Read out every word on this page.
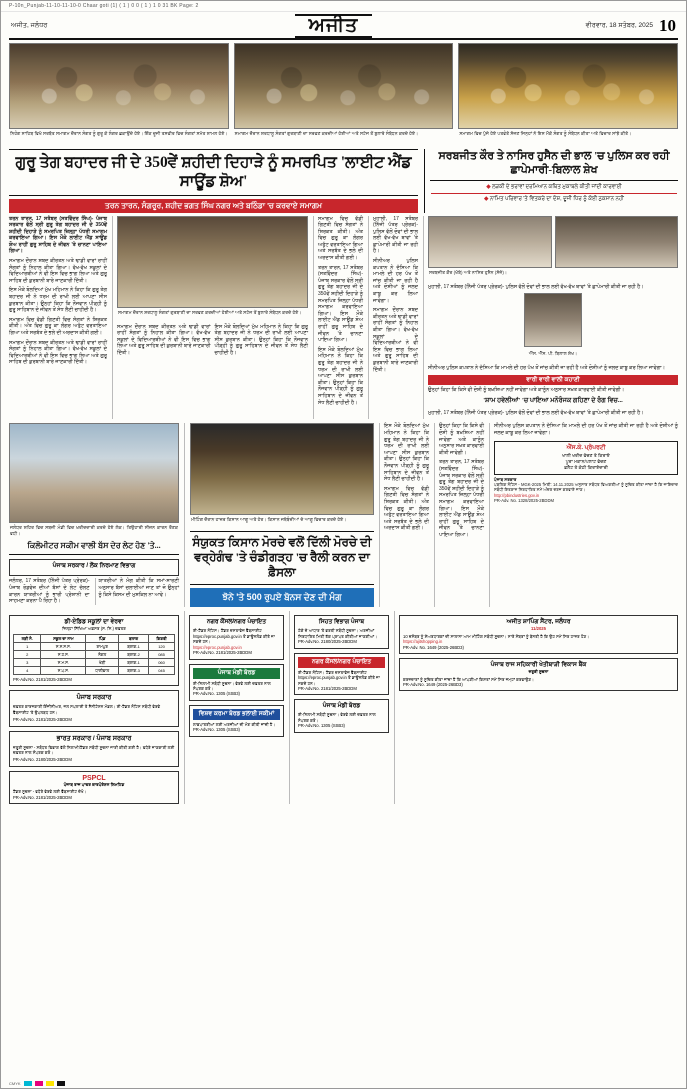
P-10n_Punjab-11-10-11-10-0 Chaar goti (1) ( 1 ) 0 0 ( 1 ) 1 0 31 BK Page: 2
ਅਜੀਤ, ਜਲੰਧਰ	ਅਜੀਤ	ਵੀਰਵਾਰ, 18 ਸਤੰਬਰ, 2025 10
ਨਿਹੰਗ ਸਾਹਿਬ ਵਿਖੇ ਸਰਬੱਤ ਸਮਾਗਮ ਦੌਰਾਨ ਸੰਗਤ ਨੂੰ ਗੁਰੂ ਕੇ ਲੰਗਰ ਛਕਾਉਂਦੇ ਹੋਏ। ਇੱਕ ਦੂਜੀ ਤਸਵੀਰ ਵਿਚ ਸੰਗਤਾਂ ਸਮੇਤ ਸ਼ਾਮਲ ਹੋਏ। ਸਮਾਗਮ ਦੌਰਾਨ ਸ਼ਰਧਾਲੂ ਸੰਗਤਾਂ ਗੁਰਬਾਣੀ ਦਾ ਸਰਵਣ ਕਰਦੀਆਂ ਹੋਈਆਂ ਅਤੇ ਸਟੇਜ ਤੋਂ ਬੁਲਾਰੇ ਸੰਬੋਧਨ ਕਰਦੇ ਹੋਏ।	ਸਮਾਗਮ ਵਿਚ ਪੁੱਜੇ ਹੋਏ ਪਤਵੰਤੇ ਸੱਜਣ ਜਿਨ੍ਹਾਂ ਨੇ ਇਸ ਮੌਕੇ ਸੰਗਤ ਨੂੰ ਸੰਬੋਧਨ ਕੀਤਾ ਅਤੇ ਵਿਚਾਰ ਸਾਂਝੇ ਕੀਤੇ।
ਗੁਰੂ ਤੇਗ ਬਹਾਦਰ ਜੀ ਦੇ 350ਵੇਂ ਸ਼ਹੀਦੀ ਦਿਹਾੜੇ ਨੂੰ ਸਮਰਪਿਤ 'ਲਾਈਟ ਐਂਡ ਸਾਊਂਡ ਸ਼ੋਅ'
ਤਰਨ ਤਾਰਨ, ਸੰਗਰੂਰ, ਸ਼ਹੀਦ ਭਗਤ ਸਿੰਘ ਨਗਰ ਅਤੇ ਬਠਿੰਡਾ 'ਚ ਕਰਵਾਏ ਸਮਾਗਮ
ਸਰਬਜੀਤ ਕੌਰ ਤੇ ਨਾਸਿਰ ਹੁਸੈਨ ਦੀ ਭਾਲ 'ਚ ਪੁਲਿਸ ਕਰ ਰਹੀ ਛਾਪੇਮਾਰੀ-ਬਿਲਾਲ ਸ਼ੇਖ
◆ ਲੜਕੀ ਦੇ ਭਰਾਵਾਂ ਦਰਮਿਆਨ ਕਥਿਤ ਮੁਕਾਬਲੇ ਕੀਤੀ ਜਾਂਦੀ ਕਾਰਵਾਈ
◆ ਨਾਮਿਤ ਪਰਿਵਾਰ 'ਤੇ ਵਿਤਕਰੇ ਦਾ ਦੋਸ਼, ਦੂਜੀ ਧਿਰ ਨੂੰ ਕੋਈ ਨੁਕਸਾਨ ਨਹੀਂ

ਤਰਨ ਤਾਰਨ, 17 ਸਤੰਬਰ (ਸਤਵਿੰਦਰ ਸਿੰਘ)- ਪੰਜਾਬ ਸਰਕਾਰ ਵੱਲੋਂ ਸ੍ਰੀ ਗੁਰੂ ਤੇਗ ਬਹਾਦਰ ਜੀ ਦੇ 350ਵੇਂ ਸ਼ਹੀਦੀ ਦਿਹਾੜੇ ਨੂੰ ਸਮਰਪਿਤ ਜ਼ਿਲ੍ਹਾ ਪੱਧਰੀ ਸਮਾਗਮ ਕਰਵਾਇਆ ਗਿਆ। ਇਸ ਮੌਕੇ ਲਾਈਟ ਐਂਡ ਸਾਊਂਡ ਸ਼ੋਅ ਰਾਹੀਂ ਗੁਰੂ ਸਾਹਿਬ ਦੇ ਜੀਵਨ 'ਤੇ ਚਾਨਣਾ ਪਾਇਆ ਗਿਆ।

ਸਮਾਗਮ ਦੌਰਾਨ ਸ਼ਬਦ ਕੀਰਤਨ ਅਤੇ ਢਾਡੀ ਵਾਰਾਂ ਰਾਹੀਂ ਸੰਗਤਾਂ ਨੂੰ ਨਿਹਾਲ ਕੀਤਾ ਗਿਆ। ਵੱਖ-ਵੱਖ ਸਕੂਲਾਂ ਦੇ ਵਿਦਿਆਰਥੀਆਂ ਨੇ ਵੀ ਇਸ ਵਿਚ ਭਾਗ ਲਿਆ ਅਤੇ ਗੁਰੂ ਸਾਹਿਬ ਦੀ ਕੁਰਬਾਨੀ ਬਾਰੇ ਜਾਣਕਾਰੀ ਦਿੱਤੀ।

ਇਸ ਮੌਕੇ ਬੋਲਦਿਆਂ ਮੁੱਖ ਮਹਿਮਾਨ ਨੇ ਕਿਹਾ ਕਿ ਗੁਰੂ ਤੇਗ ਬਹਾਦਰ ਜੀ ਨੇ ਧਰਮ ਦੀ ਰਾਖੀ ਲਈ ਆਪਣਾ ਸੀਸ ਕੁਰਬਾਨ ਕੀਤਾ। ਉਨ੍ਹਾਂ ਕਿਹਾ ਕਿ ਨੌਜਵਾਨ ਪੀੜ੍ਹੀ ਨੂੰ ਗੁਰੂ ਸਾਹਿਬਾਨ ਦੇ ਜੀਵਨ ਤੋਂ ਸੇਧ ਲੈਣੀ ਚਾਹੀਦੀ ਹੈ।

ਸਮਾਗਮ ਵਿਚ ਵੱਡੀ ਗਿਣਤੀ ਵਿਚ ਸੰਗਤਾਂ ਨੇ ਸ਼ਿਰਕਤ ਕੀਤੀ। ਅੰਤ ਵਿਚ ਗੁਰੂ ਕਾ ਲੰਗਰ ਅਤੁੱਟ ਵਰਤਾਇਆ ਗਿਆ ਅਤੇ ਸਰਬੱਤ ਦੇ ਭਲੇ ਦੀ ਅਰਦਾਸ ਕੀਤੀ ਗਈ।

ਸਮਾਗਮ ਦੌਰਾਨ ਸ਼ਬਦ ਕੀਰਤਨ ਅਤੇ ਢਾਡੀ ਵਾਰਾਂ ਰਾਹੀਂ ਸੰਗਤਾਂ ਨੂੰ ਨਿਹਾਲ ਕੀਤਾ ਗਿਆ। ਵੱਖ-ਵੱਖ ਸਕੂਲਾਂ ਦੇ ਵਿਦਿਆਰਥੀਆਂ ਨੇ ਵੀ ਇਸ ਵਿਚ ਭਾਗ ਲਿਆ ਅਤੇ ਗੁਰੂ ਸਾਹਿਬ ਦੀ ਕੁਰਬਾਨੀ ਬਾਰੇ ਜਾਣਕਾਰੀ ਦਿੱਤੀ।

ਸਮਾਗਮ ਦੌਰਾਨ ਸ਼ਰਧਾਲੂ ਸੰਗਤਾਂ ਗੁਰਬਾਣੀ ਦਾ ਸਰਵਣ ਕਰਦੀਆਂ ਹੋਈਆਂ ਅਤੇ ਸਟੇਜ ਤੋਂ ਬੁਲਾਰੇ ਸੰਬੋਧਨ ਕਰਦੇ ਹੋਏ।

ਸਮਾਗਮ ਦੌਰਾਨ ਸ਼ਬਦ ਕੀਰਤਨ ਅਤੇ ਢਾਡੀ ਵਾਰਾਂ ਰਾਹੀਂ ਸੰਗਤਾਂ ਨੂੰ ਨਿਹਾਲ ਕੀਤਾ ਗਿਆ। ਵੱਖ-ਵੱਖ ਸਕੂਲਾਂ ਦੇ ਵਿਦਿਆਰਥੀਆਂ ਨੇ ਵੀ ਇਸ ਵਿਚ ਭਾਗ ਲਿਆ ਅਤੇ ਗੁਰੂ ਸਾਹਿਬ ਦੀ ਕੁਰਬਾਨੀ ਬਾਰੇ ਜਾਣਕਾਰੀ ਦਿੱਤੀ।

ਇਸ ਮੌਕੇ ਬੋਲਦਿਆਂ ਮੁੱਖ ਮਹਿਮਾਨ ਨੇ ਕਿਹਾ ਕਿ ਗੁਰੂ ਤੇਗ ਬਹਾਦਰ ਜੀ ਨੇ ਧਰਮ ਦੀ ਰਾਖੀ ਲਈ ਆਪਣਾ ਸੀਸ ਕੁਰਬਾਨ ਕੀਤਾ। ਉਨ੍ਹਾਂ ਕਿਹਾ ਕਿ ਨੌਜਵਾਨ ਪੀੜ੍ਹੀ ਨੂੰ ਗੁਰੂ ਸਾਹਿਬਾਨ ਦੇ ਜੀਵਨ ਤੋਂ ਸੇਧ ਲੈਣੀ ਚਾਹੀਦੀ ਹੈ।

ਸਮਾਗਮ ਵਿਚ ਵੱਡੀ ਗਿਣਤੀ ਵਿਚ ਸੰਗਤਾਂ ਨੇ ਸ਼ਿਰਕਤ ਕੀਤੀ। ਅੰਤ ਵਿਚ ਗੁਰੂ ਕਾ ਲੰਗਰ ਅਤੁੱਟ ਵਰਤਾਇਆ ਗਿਆ ਅਤੇ ਸਰਬੱਤ ਦੇ ਭਲੇ ਦੀ ਅਰਦਾਸ ਕੀਤੀ ਗਈ।

ਤਰਨ ਤਾਰਨ, 17 ਸਤੰਬਰ (ਸਤਵਿੰਦਰ ਸਿੰਘ)- ਪੰਜਾਬ ਸਰਕਾਰ ਵੱਲੋਂ ਸ੍ਰੀ ਗੁਰੂ ਤੇਗ ਬਹਾਦਰ ਜੀ ਦੇ 350ਵੇਂ ਸ਼ਹੀਦੀ ਦਿਹਾੜੇ ਨੂੰ ਸਮਰਪਿਤ ਜ਼ਿਲ੍ਹਾ ਪੱਧਰੀ ਸਮਾਗਮ ਕਰਵਾਇਆ ਗਿਆ। ਇਸ ਮੌਕੇ ਲਾਈਟ ਐਂਡ ਸਾਊਂਡ ਸ਼ੋਅ ਰਾਹੀਂ ਗੁਰੂ ਸਾਹਿਬ ਦੇ ਜੀਵਨ 'ਤੇ ਚਾਨਣਾ ਪਾਇਆ ਗਿਆ।

ਇਸ ਮੌਕੇ ਬੋਲਦਿਆਂ ਮੁੱਖ ਮਹਿਮਾਨ ਨੇ ਕਿਹਾ ਕਿ ਗੁਰੂ ਤੇਗ ਬਹਾਦਰ ਜੀ ਨੇ ਧਰਮ ਦੀ ਰਾਖੀ ਲਈ ਆਪਣਾ ਸੀਸ ਕੁਰਬਾਨ ਕੀਤਾ। ਉਨ੍ਹਾਂ ਕਿਹਾ ਕਿ ਨੌਜਵਾਨ ਪੀੜ੍ਹੀ ਨੂੰ ਗੁਰੂ ਸਾਹਿਬਾਨ ਦੇ ਜੀਵਨ ਤੋਂ ਸੇਧ ਲੈਣੀ ਚਾਹੀਦੀ ਹੈ।

ਮੁਹਾਲੀ, 17 ਸਤੰਬਰ (ਨਿੱਜੀ ਪੱਤਰ ਪ੍ਰੇਰਕ)- ਪੁਲਿਸ ਵੱਲੋਂ ਦੋਵਾਂ ਦੀ ਭਾਲ ਲਈ ਵੱਖ-ਵੱਖ ਥਾਵਾਂ 'ਤੇ ਛਾਪੇਮਾਰੀ ਕੀਤੀ ਜਾ ਰਹੀ ਹੈ।

ਸੀਨੀਅਰ ਪੁਲਿਸ ਕਪਤਾਨ ਨੇ ਦੱਸਿਆ ਕਿ ਮਾਮਲੇ ਦੀ ਹਰ ਪੱਖ ਤੋਂ ਜਾਂਚ ਕੀਤੀ ਜਾ ਰਹੀ ਹੈ ਅਤੇ ਦੋਸ਼ੀਆਂ ਨੂੰ ਜਲਦ ਕਾਬੂ ਕਰ ਲਿਆ ਜਾਵੇਗਾ।

ਸਮਾਗਮ ਦੌਰਾਨ ਸ਼ਬਦ ਕੀਰਤਨ ਅਤੇ ਢਾਡੀ ਵਾਰਾਂ ਰਾਹੀਂ ਸੰਗਤਾਂ ਨੂੰ ਨਿਹਾਲ ਕੀਤਾ ਗਿਆ। ਵੱਖ-ਵੱਖ ਸਕੂਲਾਂ ਦੇ ਵਿਦਿਆਰਥੀਆਂ ਨੇ ਵੀ ਇਸ ਵਿਚ ਭਾਗ ਲਿਆ ਅਤੇ ਗੁਰੂ ਸਾਹਿਬ ਦੀ ਕੁਰਬਾਨੀ ਬਾਰੇ ਜਾਣਕਾਰੀ ਦਿੱਤੀ।

ਸਰਬਜੀਤ ਕੌਰ (ਖੱਬੇ) ਅਤੇ ਨਾਸਿਰ ਹੁਸੈਨ (ਸੱਜੇ)।

ਮੁਹਾਲੀ, 17 ਸਤੰਬਰ (ਨਿੱਜੀ ਪੱਤਰ ਪ੍ਰੇਰਕ)- ਪੁਲਿਸ ਵੱਲੋਂ ਦੋਵਾਂ ਦੀ ਭਾਲ ਲਈ ਵੱਖ-ਵੱਖ ਥਾਵਾਂ 'ਤੇ ਛਾਪੇਮਾਰੀ ਕੀਤੀ ਜਾ ਰਹੀ ਹੈ।

ਐੱਸ. ਐੱਸ. ਪੀ. ਬਿਲਾਲ ਸ਼ੇਖ।

ਸੀਨੀਅਰ ਪੁਲਿਸ ਕਪਤਾਨ ਨੇ ਦੱਸਿਆ ਕਿ ਮਾਮਲੇ ਦੀ ਹਰ ਪੱਖ ਤੋਂ ਜਾਂਚ ਕੀਤੀ ਜਾ ਰਹੀ ਹੈ ਅਤੇ ਦੋਸ਼ੀਆਂ ਨੂੰ ਜਲਦ ਕਾਬੂ ਕਰ ਲਿਆ ਜਾਵੇਗਾ।

ਵਾਰੀ ਵਾਰੀ ਵਾਲੀ ਕਹਾਣੀ

ਉਨ੍ਹਾਂ ਕਿਹਾ ਕਿ ਕਿਸੇ ਵੀ ਦੋਸ਼ੀ ਨੂੰ ਬਖ਼ਸ਼ਿਆ ਨਹੀਂ ਜਾਵੇਗਾ ਅਤੇ ਕਾਨੂੰਨ ਅਨੁਸਾਰ ਸਖ਼ਤ ਕਾਰਵਾਈ ਕੀਤੀ ਜਾਵੇਗੀ।

'ਸ਼ਾਮ ਹਵੇਲੀਆਂ' 'ਚ ਪਾਇਆ ਮਨੋਰੰਜਕ ਗਹਿਣਾ ਦੇ ਰੰਗ ਵਿਚ...

ਮੁਹਾਲੀ, 17 ਸਤੰਬਰ (ਨਿੱਜੀ ਪੱਤਰ ਪ੍ਰੇਰਕ)- ਪੁਲਿਸ ਵੱਲੋਂ ਦੋਵਾਂ ਦੀ ਭਾਲ ਲਈ ਵੱਖ-ਵੱਖ ਥਾਵਾਂ 'ਤੇ ਛਾਪੇਮਾਰੀ ਕੀਤੀ ਜਾ ਰਹੀ ਹੈ।

ਜਲੰਧਰ ਸ਼ਹਿਰ ਵਿਚ ਸਬਜ਼ੀ ਮੰਡੀ ਵਿਚ ਖ਼ਰੀਦਦਾਰੀ ਕਰਦੇ ਹੋਏ ਲੋਕ। ਤਿਉਹਾਰੀ ਸੀਜ਼ਨ ਕਾਰਨ ਰੌਣਕ ਵਧੀ।
ਕਿਲੋਮੀਟਰ ਸਕੀਮ ਵਾਲੀ ਬੱਸ ਦੇਰ ਲੇਟ ਹੋਣ 'ਤੇ...
ਪੰਜਾਬ ਸਰਕਾਰ / ਲੋਕ ਨਿਰਮਾਣ ਵਿਭਾਗ

ਜਲੰਧਰ, 17 ਸਤੰਬਰ (ਨਿੱਜੀ ਪੱਤਰ ਪ੍ਰੇਰਕ)- ਪੰਜਾਬ ਰੋਡਵੇਜ਼ ਦੀਆਂ ਬੱਸਾਂ ਦੇ ਲੇਟ ਚੱਲਣ ਕਾਰਨ ਯਾਤਰੀਆਂ ਨੂੰ ਭਾਰੀ ਪ੍ਰੇਸ਼ਾਨੀ ਦਾ ਸਾਹਮਣਾ ਕਰਨਾ ਪੈ ਰਿਹਾ ਹੈ।

ਯਾਤਰੀਆਂ ਨੇ ਮੰਗ ਕੀਤੀ ਕਿ ਸਮਾਂ-ਸਾਰਣੀ ਅਨੁਸਾਰ ਬੱਸਾਂ ਚਲਾਈਆਂ ਜਾਣ ਤਾਂ ਜੋ ਉਨ੍ਹਾਂ ਨੂੰ ਕਿਸੇ ਕਿਸਮ ਦੀ ਮੁਸ਼ਕਿਲ ਨਾ ਆਵੇ।

ਮੀਟਿੰਗ ਦੌਰਾਨ ਹਾਜ਼ਰ ਕਿਸਾਨ ਆਗੂ ਅਤੇ ਹੋਰ। ਕਿਸਾਨ ਜਥੇਬੰਦੀਆਂ ਦੇ ਆਗੂ ਵਿਚਾਰ ਕਰਦੇ ਹੋਏ।
ਸੰਯੁਕਤ ਕਿਸਾਨ ਮੋਰਚੇ ਵਲੋਂ ਦਿੱਲੀ ਮੋਰਚੇ ਦੀ ਵਰ੍ਹੇਗੰਢ 'ਤੇ ਚੰਡੀਗੜ੍ਹ 'ਚ ਰੈਲੀ ਕਰਨ ਦਾ ਫ਼ੈਸਲਾ
ਝੋਨੇ 'ਤੇ 500 ਰੁਪਏ ਬੋਨਸ ਦੇਣ ਦੀ ਮੰਗ

ਇਸ ਮੌਕੇ ਬੋਲਦਿਆਂ ਮੁੱਖ ਮਹਿਮਾਨ ਨੇ ਕਿਹਾ ਕਿ ਗੁਰੂ ਤੇਗ ਬਹਾਦਰ ਜੀ ਨੇ ਧਰਮ ਦੀ ਰਾਖੀ ਲਈ ਆਪਣਾ ਸੀਸ ਕੁਰਬਾਨ ਕੀਤਾ। ਉਨ੍ਹਾਂ ਕਿਹਾ ਕਿ ਨੌਜਵਾਨ ਪੀੜ੍ਹੀ ਨੂੰ ਗੁਰੂ ਸਾਹਿਬਾਨ ਦੇ ਜੀਵਨ ਤੋਂ ਸੇਧ ਲੈਣੀ ਚਾਹੀਦੀ ਹੈ।

ਸਮਾਗਮ ਵਿਚ ਵੱਡੀ ਗਿਣਤੀ ਵਿਚ ਸੰਗਤਾਂ ਨੇ ਸ਼ਿਰਕਤ ਕੀਤੀ। ਅੰਤ ਵਿਚ ਗੁਰੂ ਕਾ ਲੰਗਰ ਅਤੁੱਟ ਵਰਤਾਇਆ ਗਿਆ ਅਤੇ ਸਰਬੱਤ ਦੇ ਭਲੇ ਦੀ ਅਰਦਾਸ ਕੀਤੀ ਗਈ।

ਉਨ੍ਹਾਂ ਕਿਹਾ ਕਿ ਕਿਸੇ ਵੀ ਦੋਸ਼ੀ ਨੂੰ ਬਖ਼ਸ਼ਿਆ ਨਹੀਂ ਜਾਵੇਗਾ ਅਤੇ ਕਾਨੂੰਨ ਅਨੁਸਾਰ ਸਖ਼ਤ ਕਾਰਵਾਈ ਕੀਤੀ ਜਾਵੇਗੀ।

ਤਰਨ ਤਾਰਨ, 17 ਸਤੰਬਰ (ਸਤਵਿੰਦਰ ਸਿੰਘ)- ਪੰਜਾਬ ਸਰਕਾਰ ਵੱਲੋਂ ਸ੍ਰੀ ਗੁਰੂ ਤੇਗ ਬਹਾਦਰ ਜੀ ਦੇ 350ਵੇਂ ਸ਼ਹੀਦੀ ਦਿਹਾੜੇ ਨੂੰ ਸਮਰਪਿਤ ਜ਼ਿਲ੍ਹਾ ਪੱਧਰੀ ਸਮਾਗਮ ਕਰਵਾਇਆ ਗਿਆ। ਇਸ ਮੌਕੇ ਲਾਈਟ ਐਂਡ ਸਾਊਂਡ ਸ਼ੋਅ ਰਾਹੀਂ ਗੁਰੂ ਸਾਹਿਬ ਦੇ ਜੀਵਨ 'ਤੇ ਚਾਨਣਾ ਪਾਇਆ ਗਿਆ।

ਸੀਨੀਅਰ ਪੁਲਿਸ ਕਪਤਾਨ ਨੇ ਦੱਸਿਆ ਕਿ ਮਾਮਲੇ ਦੀ ਹਰ ਪੱਖ ਤੋਂ ਜਾਂਚ ਕੀਤੀ ਜਾ ਰਹੀ ਹੈ ਅਤੇ ਦੋਸ਼ੀਆਂ ਨੂੰ ਜਲਦ ਕਾਬੂ ਕਰ ਲਿਆ ਜਾਵੇਗਾ।

ਐੱਸ.ਕੇ. ਪ੍ਰੋਪਰਟੀ
ਖਾਲੀ ਖਰੀਦ ਵੇਚਣ ਤੇ ਕਿਰਾਏ
ਪੂਰਾ ਮਕਾਨ/ਪਲਾਟ ਵੇਚਣ
ਫ਼ਲੈਟ ਤੇ ਕੋਠੀ ਕਿਰਾਏਦਾਰੀ
ਪੰਜਾਬ ਸਰਕਾਰ
ਪਬਲਿਕ ਨੋਟਿਸ - MGK-2025 ਮਿਤੀ: 14.11.2025 ਅਨੁਸਾਰ ਸਬੰਧਤ ਵਿਅਕਤੀਆਂ ਨੂੰ ਸੂਚਿਤ ਕੀਤਾ ਜਾਂਦਾ ਹੈ ਕਿ ਜਾਇਦਾਦ ਸਬੰਧੀ ਇਤਰਾਜ਼ ਨਿਰਧਾਰਿਤ ਸਮੇਂ ਅੰਦਰ ਦਰਜ ਕਰਵਾਏ ਜਾਣ।
http://pbindustries.gov.in
PR-Adv. No. 1328/2025-2BDDM
ਡੀ-ਏਡਿਡ ਸਕੂਲਾਂ ਦਾ ਵੇਰਵਾ
ਜ਼ਿਲ੍ਹਾ ਸਿੱਖਿਆ ਅਫ਼ਸਰ (ਸ. ਸਿ.) ਦਫ਼ਤਰ
ਲੜੀ ਨੰ.	ਸਕੂਲ ਦਾ ਨਾਮ	ਪਿੰਡ	ਬਲਾਕ	ਗਿਣਤੀ
1	ਸ.ਸ.ਸ.ਸ.	ਰਾਮਪੁਰ	ਬਲਾਕ-1	120
2	ਸ.ਹ.ਸ.	ਨੰਗਲ	ਬਲਾਕ-2	085
3	ਸ.ਮ.ਸ.	ਖੇੜੀ	ਬਲਾਕ-1	060
4	ਸ.ਪ.ਸ.	ਧਾਲੀਵਾਲ	ਬਲਾਕ-3	045
PR-Adv.No. 2181/2025-2BDDM
ਪੰਜਾਬ ਸਰਕਾਰ
ਦਫ਼ਤਰ ਕਾਰਜਕਾਰੀ ਇੰਜੀਨੀਅਰ, ਜਲ ਸਪਲਾਈ ਤੇ ਸੈਨੀਟੇਸ਼ਨ ਮੰਡਲ। ਈ-ਟੈਂਡਰ ਨੋਟਿਸ ਸਬੰਧੀ ਵੇਰਵੇ ਵੈੱਬਸਾਈਟ 'ਤੇ ਉਪਲਬਧ ਹਨ।
PR-Adv.No. 2181/2025-2BDDM
ਭਾਰਤ ਸਰਕਾਰ / ਪੰਜਾਬ ਸਰਕਾਰ
ਜ਼ਰੂਰੀ ਸੂਚਨਾ - ਸਬੰਧਤ ਵਿਭਾਗ ਵੱਲੋਂ ਨਿਲਾਮੀ/ਟੈਂਡਰ ਸਬੰਧੀ ਸੂਚਨਾ ਜਾਰੀ ਕੀਤੀ ਗਈ ਹੈ। ਵਧੇਰੇ ਜਾਣਕਾਰੀ ਲਈ ਦਫ਼ਤਰ ਨਾਲ ਸੰਪਰਕ ਕਰੋ।
PR-Adv.No. 2180/2025-2BDDM
PSPCL
ਪੰਜਾਬ ਰਾਜ ਪਾਵਰ ਕਾਰਪੋਰੇਸ਼ਨ ਲਿਮਟਿਡ
ਟੈਂਡਰ ਸੂਚਨਾ - ਵਧੇਰੇ ਵੇਰਵੇ ਲਈ ਵੈੱਬਸਾਈਟ ਦੇਖੋ।
PR-Adv.No. 2181/2025-2BDDM
ਨਗਰ ਕੌਂਸਲ/ਨਗਰ ਪੰਚਾਇਤ
ਈ-ਟੈਂਡਰ ਨੋਟਿਸ। ਟੈਂਡਰ ਦਸਤਾਵੇਜ਼ ਵੈੱਬਸਾਈਟ https://eproc.punjab.gov.in ਤੋਂ ਡਾਊਨਲੋਡ ਕੀਤੇ ਜਾ ਸਕਦੇ ਹਨ।
https://eproc.punjab.gov.in
PR-Adv.No. 2181/2025-2BDDM
ਪੰਜਾਬ ਮੰਡੀ ਬੋਰਡ
ਈ-ਨਿਲਾਮੀ ਸਬੰਧੀ ਸੂਚਨਾ। ਵੇਰਵੇ ਲਈ ਦਫ਼ਤਰ ਨਾਲ ਸੰਪਰਕ ਕਰੋ।
PR-Adv.No. 1305 (SSB3)
ਵਿਸ਼ਵ ਕਰਮਾ ਬੋਰਡ ਭਲਾਈ ਸਕੀਮਾਂ
ਲਾਭਪਾਤਰੀਆਂ ਲਈ ਅਰਜ਼ੀਆਂ ਦੀ ਮੰਗ ਕੀਤੀ ਜਾਂਦੀ ਹੈ।
PR-Adv.No. 1305 (SSB3)
ਸਿਹਤ ਵਿਭਾਗ ਪੰਜਾਬ
ਠੇਕੇ ਦੇ ਆਧਾਰ 'ਤੇ ਭਰਤੀ ਸਬੰਧੀ ਸੂਚਨਾ। ਅਰਜ਼ੀਆਂ ਨਿਰਧਾਰਿਤ ਮਿਤੀ ਤੱਕ ਪ੍ਰਾਪਤ ਕੀਤੀਆਂ ਜਾਣਗੀਆਂ।
PR-Adv.No. 2180/2025-2BDDM
ਨਗਰ ਕੌਂਸਲ/ਨਗਰ ਪੰਚਾਇਤ
ਈ-ਟੈਂਡਰ ਨੋਟਿਸ। ਟੈਂਡਰ ਦਸਤਾਵੇਜ਼ ਵੈੱਬਸਾਈਟ https://eproc.punjab.gov.in ਤੋਂ ਡਾਊਨਲੋਡ ਕੀਤੇ ਜਾ ਸਕਦੇ ਹਨ।
PR-Adv.No. 2181/2025-2BDDM
ਪੰਜਾਬ ਮੰਡੀ ਬੋਰਡ
ਈ-ਨਿਲਾਮੀ ਸਬੰਧੀ ਸੂਚਨਾ। ਵੇਰਵੇ ਲਈ ਦਫ਼ਤਰ ਨਾਲ ਸੰਪਰਕ ਕਰੋ।
PR-Adv.No. 1305 (SSB3)
ਅਜੀਤ ਸ਼ਾਪਿੰਗ ਸੈਂਟਰ, ਜਲੰਧਰ
11/2025
10 ਦਸੰਬਰ ਨੂੰ ਸ਼ੇਅਰਧਾਰਕਾਂ ਦੀ ਸਾਲਾਨਾ ਆਮ ਮੀਟਿੰਗ ਸਬੰਧੀ ਸੂਚਨਾ। ਸਾਰੇ ਮੈਂਬਰਾਂ ਨੂੰ ਬੇਨਤੀ ਹੈ ਕਿ ਉਹ ਸਮੇਂ ਸਿਰ ਹਾਜ਼ਰ ਹੋਣ।
https://ajitshopping.in
PR-Adv. No. 1649 (2025-26BD3)
ਪੰਜਾਬ ਰਾਜ ਸਹਿਕਾਰੀ ਖੇਤੀਬਾੜੀ ਵਿਕਾਸ ਬੈਂਕ
ਜ਼ਰੂਰੀ ਸੂਚਨਾ
ਕਰਜ਼ਦਾਰਾਂ ਨੂੰ ਸੂਚਿਤ ਕੀਤਾ ਜਾਂਦਾ ਹੈ ਕਿ ਆਪਣੀਆਂ ਕਿਸ਼ਤਾਂ ਸਮੇਂ ਸਿਰ ਜਮ੍ਹਾਂ ਕਰਵਾਉਣ।
PR-Adv.No. 1649 (2025-26BD3)
CMYK
